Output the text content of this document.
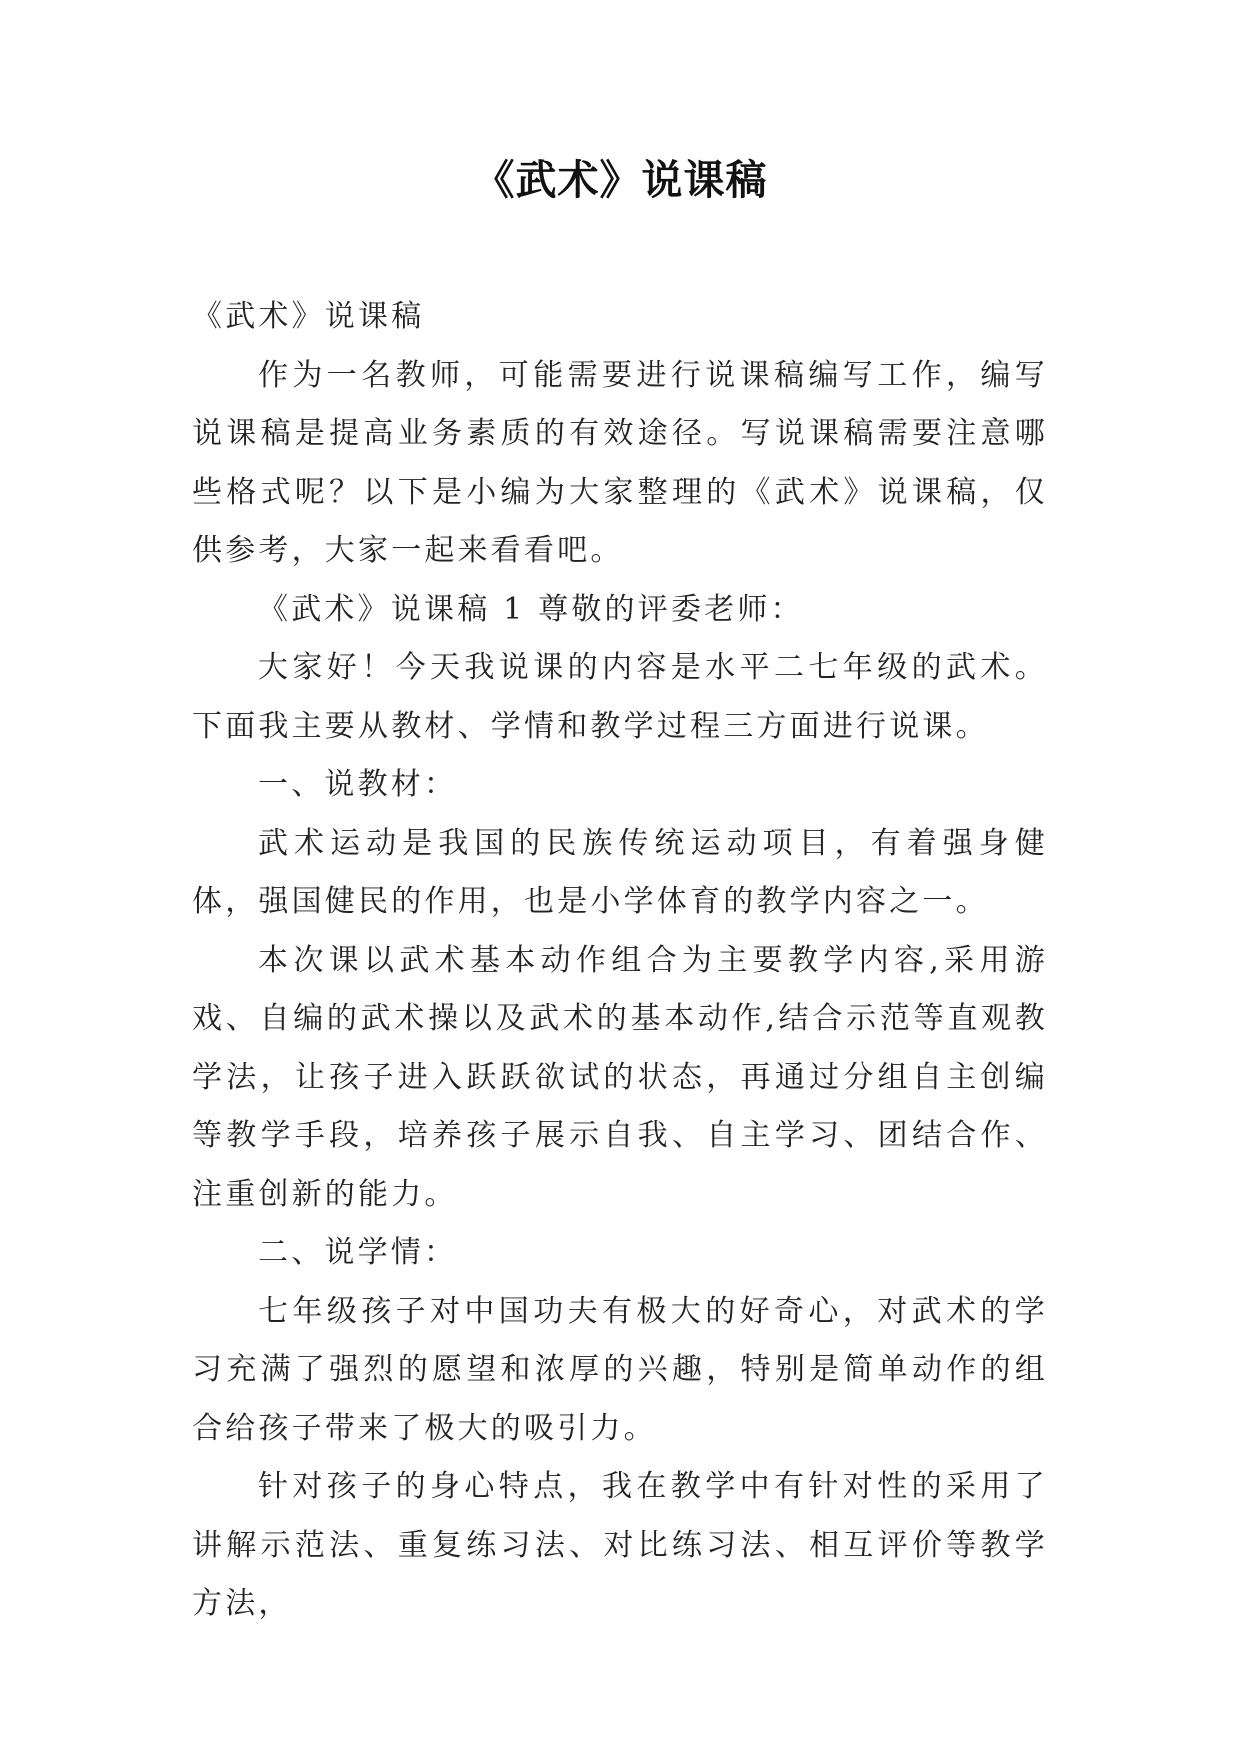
《武术》说课稿

《武术》说课稿

作为一名教师，可能需要进行说课稿编写工作，编写说课稿是提高业务素质的有效途径。写说课稿需要注意哪些格式呢？以下是小编为大家整理的《武术》说课稿，仅供参考，大家一起来看看吧。

《武术》说课稿 1 尊敬的评委老师：

大家好！今天我说课的内容是水平二七年级的武术。下面我主要从教材、学情和教学过程三方面进行说课。

一、说教材：

武术运动是我国的民族传统运动项目，有着强身健体，强国健民的作用，也是小学体育的教学内容之一。

本次课以武术基本动作组合为主要教学内容,采用游戏、自编的武术操以及武术的基本动作,结合示范等直观教学法，让孩子进入跃跃欲试的状态，再通过分组自主创编等教学手段，培养孩子展示自我、自主学习、团结合作、注重创新的能力。

二、说学情：

七年级孩子对中国功夫有极大的好奇心，对武术的学习充满了强烈的愿望和浓厚的兴趣，特别是简单动作的组合给孩子带来了极大的吸引力。

针对孩子的身心特点，我在教学中有针对性的采用了讲解示范法、重复练习法、对比练习法、相互评价等教学方法，
